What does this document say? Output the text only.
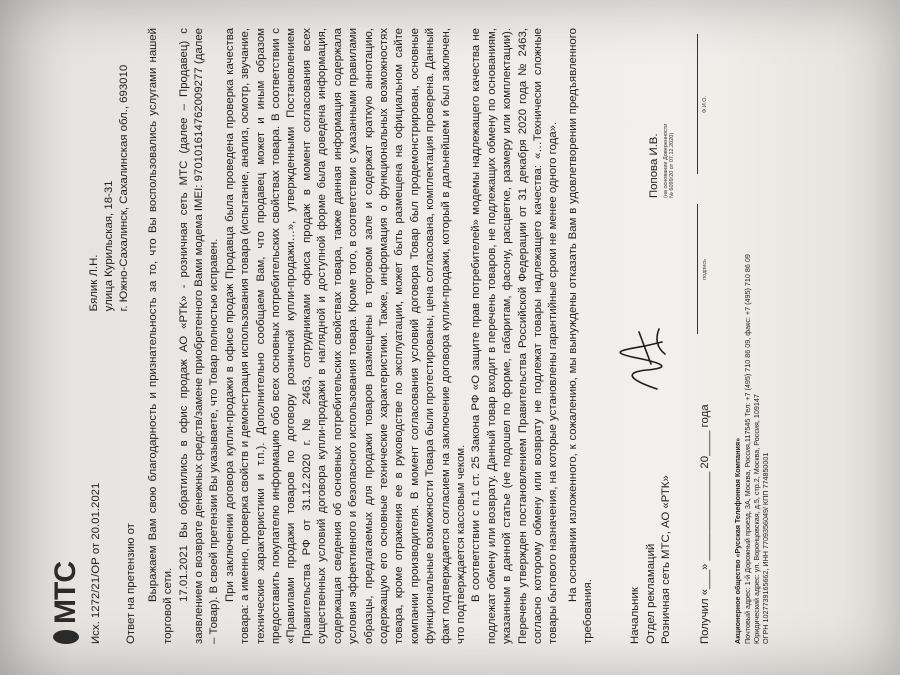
МТС Исх. 1272/21/ОР от 20.01.2021 Ответ на претензию от
Бялик Л.Н. улица Курильская, 18-31 г. Южно-Сахалинск, Сахалинская обл., 693010 Выражаем Вам свою благодарность и признательность за то, что Вы воспользовались услугами нашей торговой сети.

17.01.2021 Вы обратились в офис продаж АО «РТК» - розничная сеть МТС (далее – Продавец) с заявлением о возврате денежных средств/замене приобретенного Вами модема IMEI: 970101614762009277 (далее – Товар). В своей претензии Вы указываете, что Товар полностью исправен. При заключении договора купли-продажи в офисе продаж Продавца была проведена проверка качества товара: а именно, проверка свойств и демонстрация использования товара (испытание, анализ, осмотр, звучание, технические характеристики и т.п.). Дополнительно сообщаем Вам, что продавец может и иным образом предоставить покупателю информацию обо всех основных потребительских свойствах товара. В соответствии с «Правилами продажи товаров по договору розничной купли-продажи…», утвержденными Постановлением Правительства РФ от 31.12.2020 г. № 2463, сотрудниками офиса продаж в момент согласования всех существенных условий договора купли-продажи в наглядной и доступной форме была доведена информация, содержащая сведения об основных потребительских свойствах товара, также данная информация содержала условия эффективного и безопасного использования товара. Кроме того, в соответствии с указанными правилами образцы, предлагаемых для продажи товаров размещены в торговом зале и содержат краткую аннотацию, содержащую его основные технические характеристики. Также, информация о функциональных возможностях товара, кроме отражения ее в руководстве по эксплуатации, может быть размещена на официальном сайте компании производителя. В момент согласования условий договора Товар был продемонстрирован, основные функциональные возможности Товара были протестированы, цена согласована, комплектация проверена. Данный факт подтверждается согласием на заключение договора купли-продажи, который в дальнейшем и был заключен, что подтверждается кассовым чеком. В соответствии с п.1 ст. 25 Закона РФ «О защите прав потребителей» модемы надлежащего качества не подлежат обмену или возврату. Данный товар входит в перечень товаров, не подлежащих обмену по основаниям, указанным в данной статье (не подошел по форме, габаритам, фасону, расцветке, размеру или комплектации). Перечень утвержден постановлением Правительства Российской Федерации от 31 декабря 2020 года № 2463, согласно которому обмену или возврату не подлежат товары надлежащего качества: «…Технически сложные товары бытового назначения, на которые установлены гарантийные сроки не менее одного года». На основании изложенного, к сожалению, мы вынуждены отказать Вам в удовлетворении предъявленного требования.	Начальник Отдел рекламаций Розничная сеть МТС, АО «РТК»
Попова И.В. (на основании Доверенности № 6099/20 от 07.12.2020)
Получил «___» ______________ 20____ года
подпись
Ф.И.О.
Акционерное общество «Русская Телефонная Компания» Почтовый адрес: 1-й Дорожный проезд, 3А, Москва, Россия,117545 Тел: +7 (495) 710 86 09, факс: +7 (495) 710 86 09 Юридический адрес: ул. Воронцовская, д.5, стр.2, Москва, Россия, 109147 ОГРН 1027739165662, ИНН 7709356049/ КПП 774850001
